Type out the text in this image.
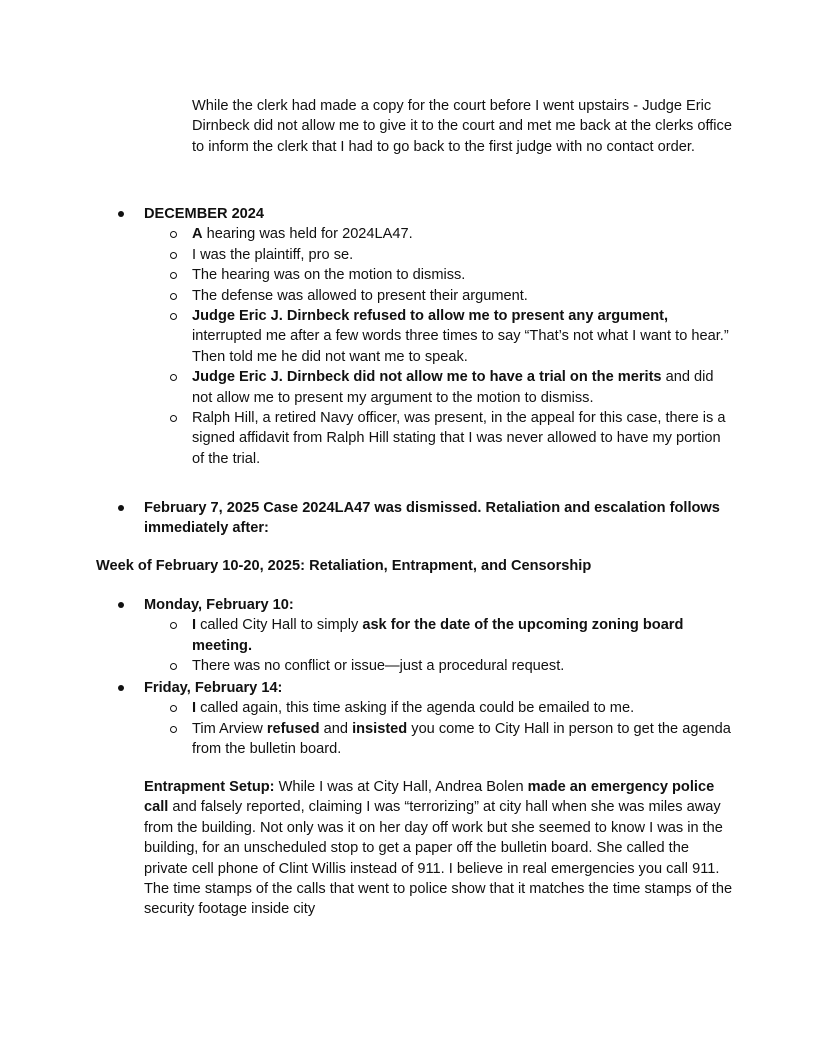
While the clerk had made a copy for the court before I went upstairs - Judge Eric Dirnbeck did not allow me to give it to the court and met me back at the clerks office to inform the clerk that I had to go back to the first judge with no contact order.
DECEMBER 2024
A hearing was held for 2024LA47.
I was the plaintiff, pro se.
The hearing was on the motion to dismiss.
The defense was allowed to present their argument.
Judge Eric J. Dirnbeck refused to allow me to present any argument, interrupted me after a few words three times to say “That’s not what I want to hear.” Then told me he did not want me to speak.
Judge Eric J. Dirnbeck did not allow me to have a trial on the merits and did not allow me to present my argument to the motion to dismiss.
Ralph Hill, a retired Navy officer, was present, in the appeal for this case, there is a signed affidavit from Ralph Hill stating that I was never allowed to have my portion of the trial.
February 7, 2025 Case 2024LA47 was dismissed. Retaliation and escalation follows immediately after:
Week of February 10-20, 2025: Retaliation, Entrapment, and Censorship
Monday, February 10:
I called City Hall to simply ask for the date of the upcoming zoning board meeting.
There was no conflict or issue—just a procedural request.
Friday, February 14:
I called again, this time asking if the agenda could be emailed to me.
Tim Arview refused and insisted you come to City Hall in person to get the agenda from the bulletin board.
Entrapment Setup: While I was at City Hall, Andrea Bolen made an emergency police call and falsely reported, claiming I was “terrorizing” at city hall when she was miles away from the building. Not only was it on her day off work but she seemed to know I was in the building, for an unscheduled stop to get a paper off the bulletin board. She called the private cell phone of Clint Willis instead of 911. I believe in real emergencies you call 911. The time stamps of the calls that went to police show that it matches the time stamps of the security footage inside city
